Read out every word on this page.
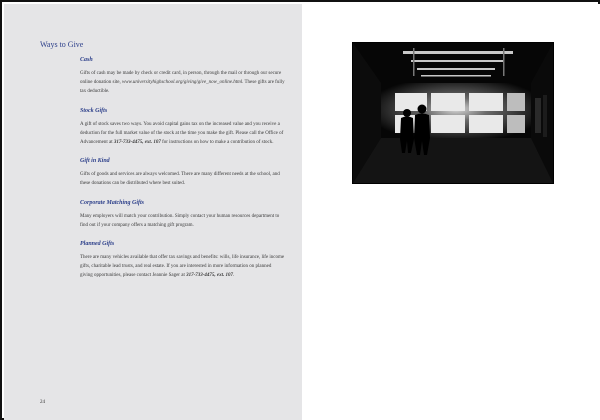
Ways to Give
Cash
Gifts of cash may be made by check or credit card, in person, through the mail or through our secure online donation site, www.universityhighschool.org/giving/give_now_online.html. These gifts are fully tax deductible.
Stock Gifts
A gift of stock saves two ways. You avoid capital gains tax on the increased value and you receive a deduction for the full market value of the stock at the time you make the gift. Please call the Office of Advancement at 317-733-4475, ext. 107 for instructions on how to make a contribution of stock.
Gift in Kind
Gifts of goods and services are always welcomed. There are many different needs at the school, and these donations can be distributed where best suited.
Corporate Matching Gifts
Many employers will match your contribution. Simply contact your human resources department to find out if your company offers a matching gift program.
Planned Gifts
There are many vehicles available that offer tax savings and benefits: wills, life insurance, life income gifts, charitable lead trusts, and real estate. If you are interested in more information on planned giving opportunities, please contact Jeannie Sager at 317-733-4475, ext. 107.
24
